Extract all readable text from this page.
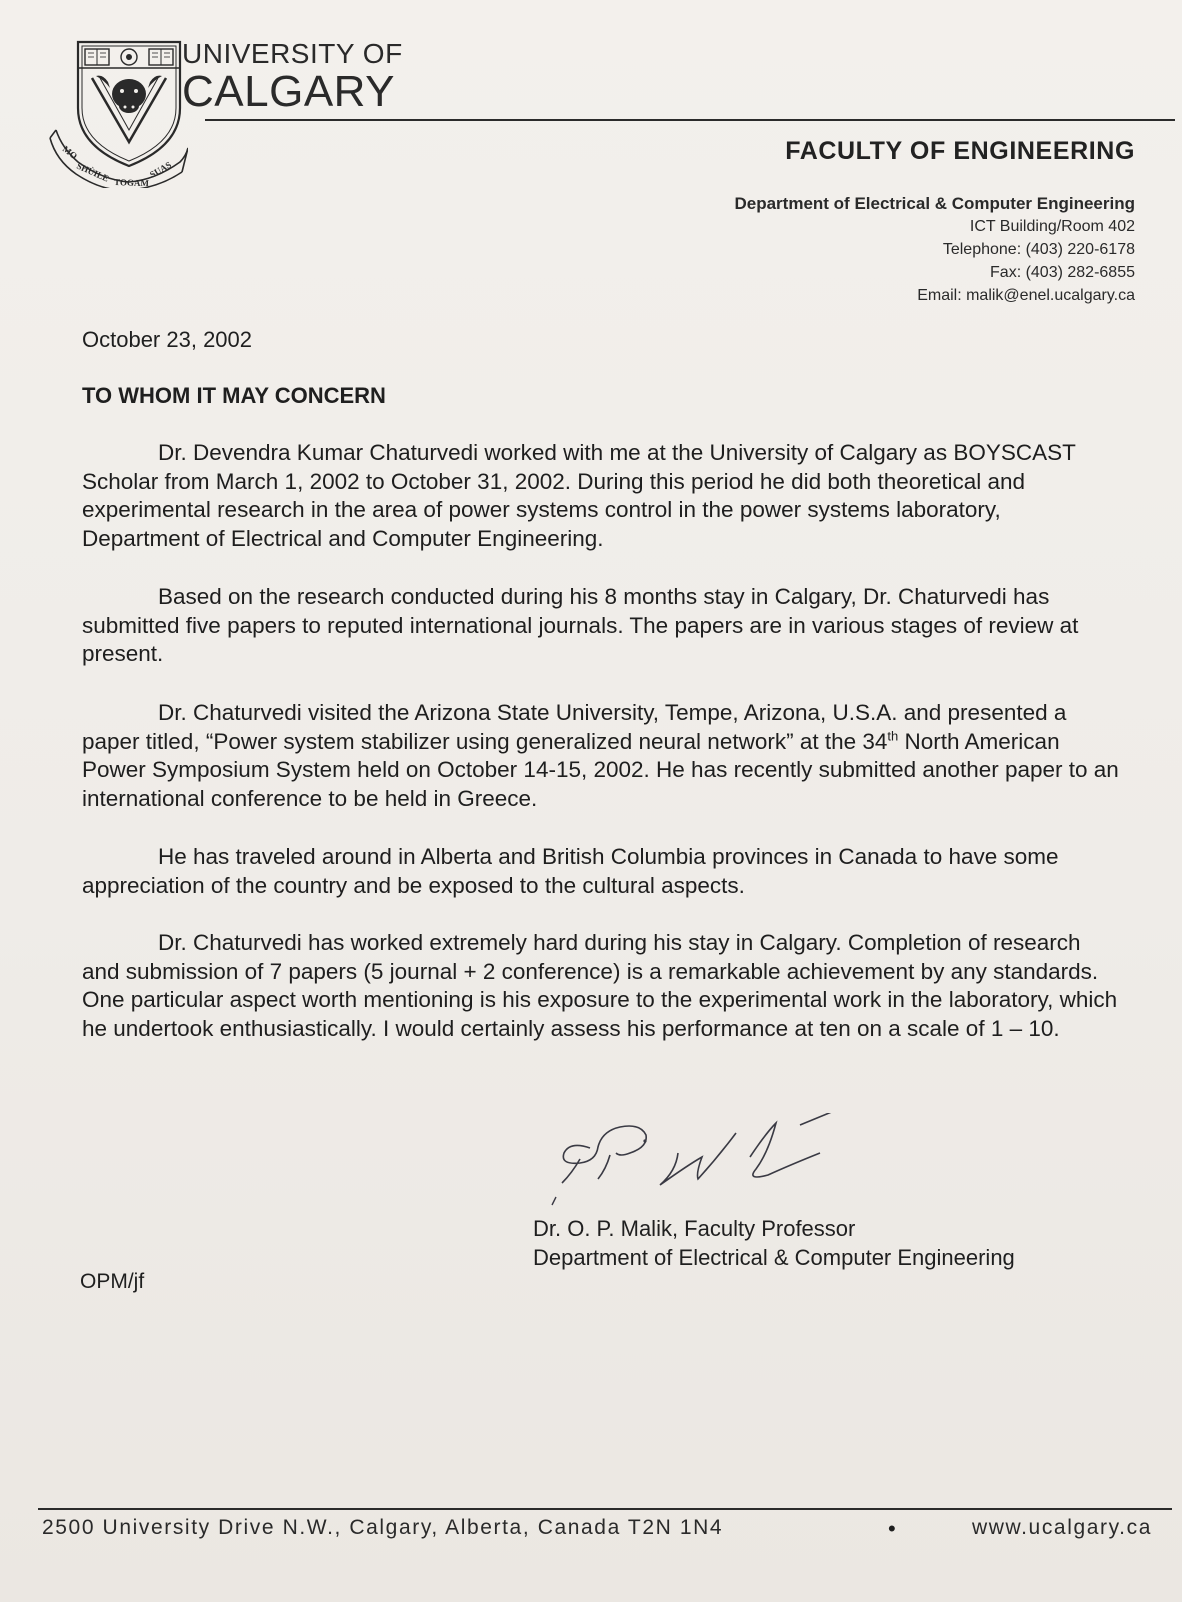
MO
SHÙILE TOGAM
SUAS
UNIVERSITY OF
CALGARY
FACULTY OF ENGINEERING
Department of Electrical & Computer Engineering
ICT Building/Room 402
Telephone: (403) 220-6178
Fax: (403) 282-6855
Email: malik@enel.ucalgary.ca
October 23, 2002
TO WHOM IT MAY CONCERN
Dr. Devendra Kumar Chaturvedi worked with me at the University of Calgary as BOYSCAST Scholar from March 1, 2002 to October 31, 2002. During this period he did both theoretical and experimental research in the area of power systems control in the power systems laboratory, Department of Electrical and Computer Engineering.
Based on the research conducted during his 8 months stay in Calgary, Dr. Chaturvedi has submitted five papers to reputed international journals. The papers are in various stages of review at present.
Dr. Chaturvedi visited the Arizona State University, Tempe, Arizona, U.S.A. and presented a paper titled, “Power system stabilizer using generalized neural network” at the 34th North American Power Symposium System held on October 14-15, 2002. He has recently submitted another paper to an international conference to be held in Greece.
He has traveled around in Alberta and British Columbia provinces in Canada to have some appreciation of the country and be exposed to the cultural aspects.
Dr. Chaturvedi has worked extremely hard during his stay in Calgary. Completion of research and submission of 7 papers (5 journal + 2 conference) is a remarkable achievement by any standards. One particular aspect worth mentioning is his exposure to the experimental work in the laboratory, which he undertook enthusiastically. I would certainly assess his performance at ten on a scale of 1 – 10.
Dr. O. P. Malik, Faculty Professor
Department of Electrical & Computer Engineering
OPM/jf
2500 University Drive N.W., Calgary, Alberta, Canada T2N 1N4	•	www.ucalgary.ca
